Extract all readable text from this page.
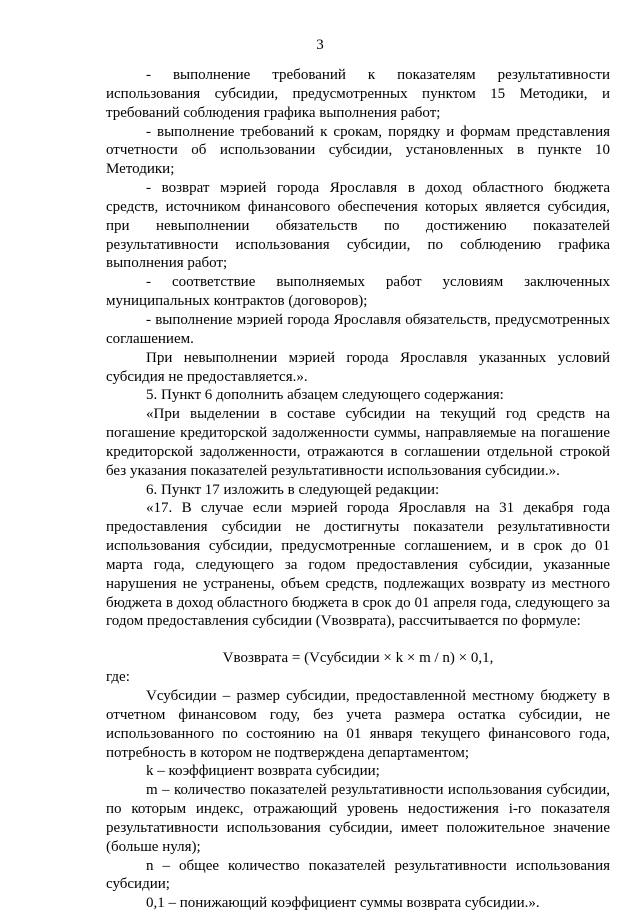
3

- выполнение требований к показателям результативности использования субсидии, предусмотренных пунктом 15 Методики, и требований соблюдения графика выполнения работ;

- выполнение требований к срокам, порядку и формам представления отчетности об использовании субсидии, установленных в пункте 10 Методики;

- возврат мэрией города Ярославля в доход областного бюджета средств, источником финансового обеспечения которых является субсидия, при невыполнении обязательств по достижению показателей результативности использования субсидии, по соблюдению графика выполнения работ;

- соответствие выполняемых работ условиям заключенных муниципальных контрактов (договоров);

- выполнение мэрией города Ярославля обязательств, предусмотренных соглашением.

При невыполнении мэрией города Ярославля указанных условий субсидия не предоставляется.».

5. Пункт 6 дополнить абзацем следующего содержания:

«При выделении в составе субсидии на текущий год средств на погашение кредиторской задолженности суммы, направляемые на погашение кредиторской задолженности, отражаются в соглашении отдельной строкой без указания показателей результативности использования субсидии.».

6. Пункт 17 изложить в следующей редакции:

«17. В случае если мэрией города Ярославля на 31 декабря года предоставления субсидии не достигнуты показатели результативности использования субсидии, предусмотренные соглашением, и в срок до 01 марта года, следующего за годом предоставления субсидии, указанные нарушения не устранены, объем средств, подлежащих возврату из местного бюджета в доход областного бюджета в срок до 01 апреля года, следующего за годом предоставления субсидии (Vвозврата), рассчитывается по формуле:

Vвозврата = (Vсубсидии × k × m / n) × 0,1,

где:

Vсубсидии – размер субсидии, предоставленной местному бюджету в отчетном финансовом году, без учета размера остатка субсидии, не использованного по состоянию на 01 января текущего финансового года, потребность в котором не подтверждена департаментом;

k – коэффициент возврата субсидии;

m – количество показателей результативности использования субсидии, по которым индекс, отражающий уровень недостижения i-го показателя результативности использования субсидии, имеет положительное значение (больше нуля);

n – общее количество показателей результативности использования субсидии;

0,1 – понижающий коэффициент суммы возврата субсидии.».
